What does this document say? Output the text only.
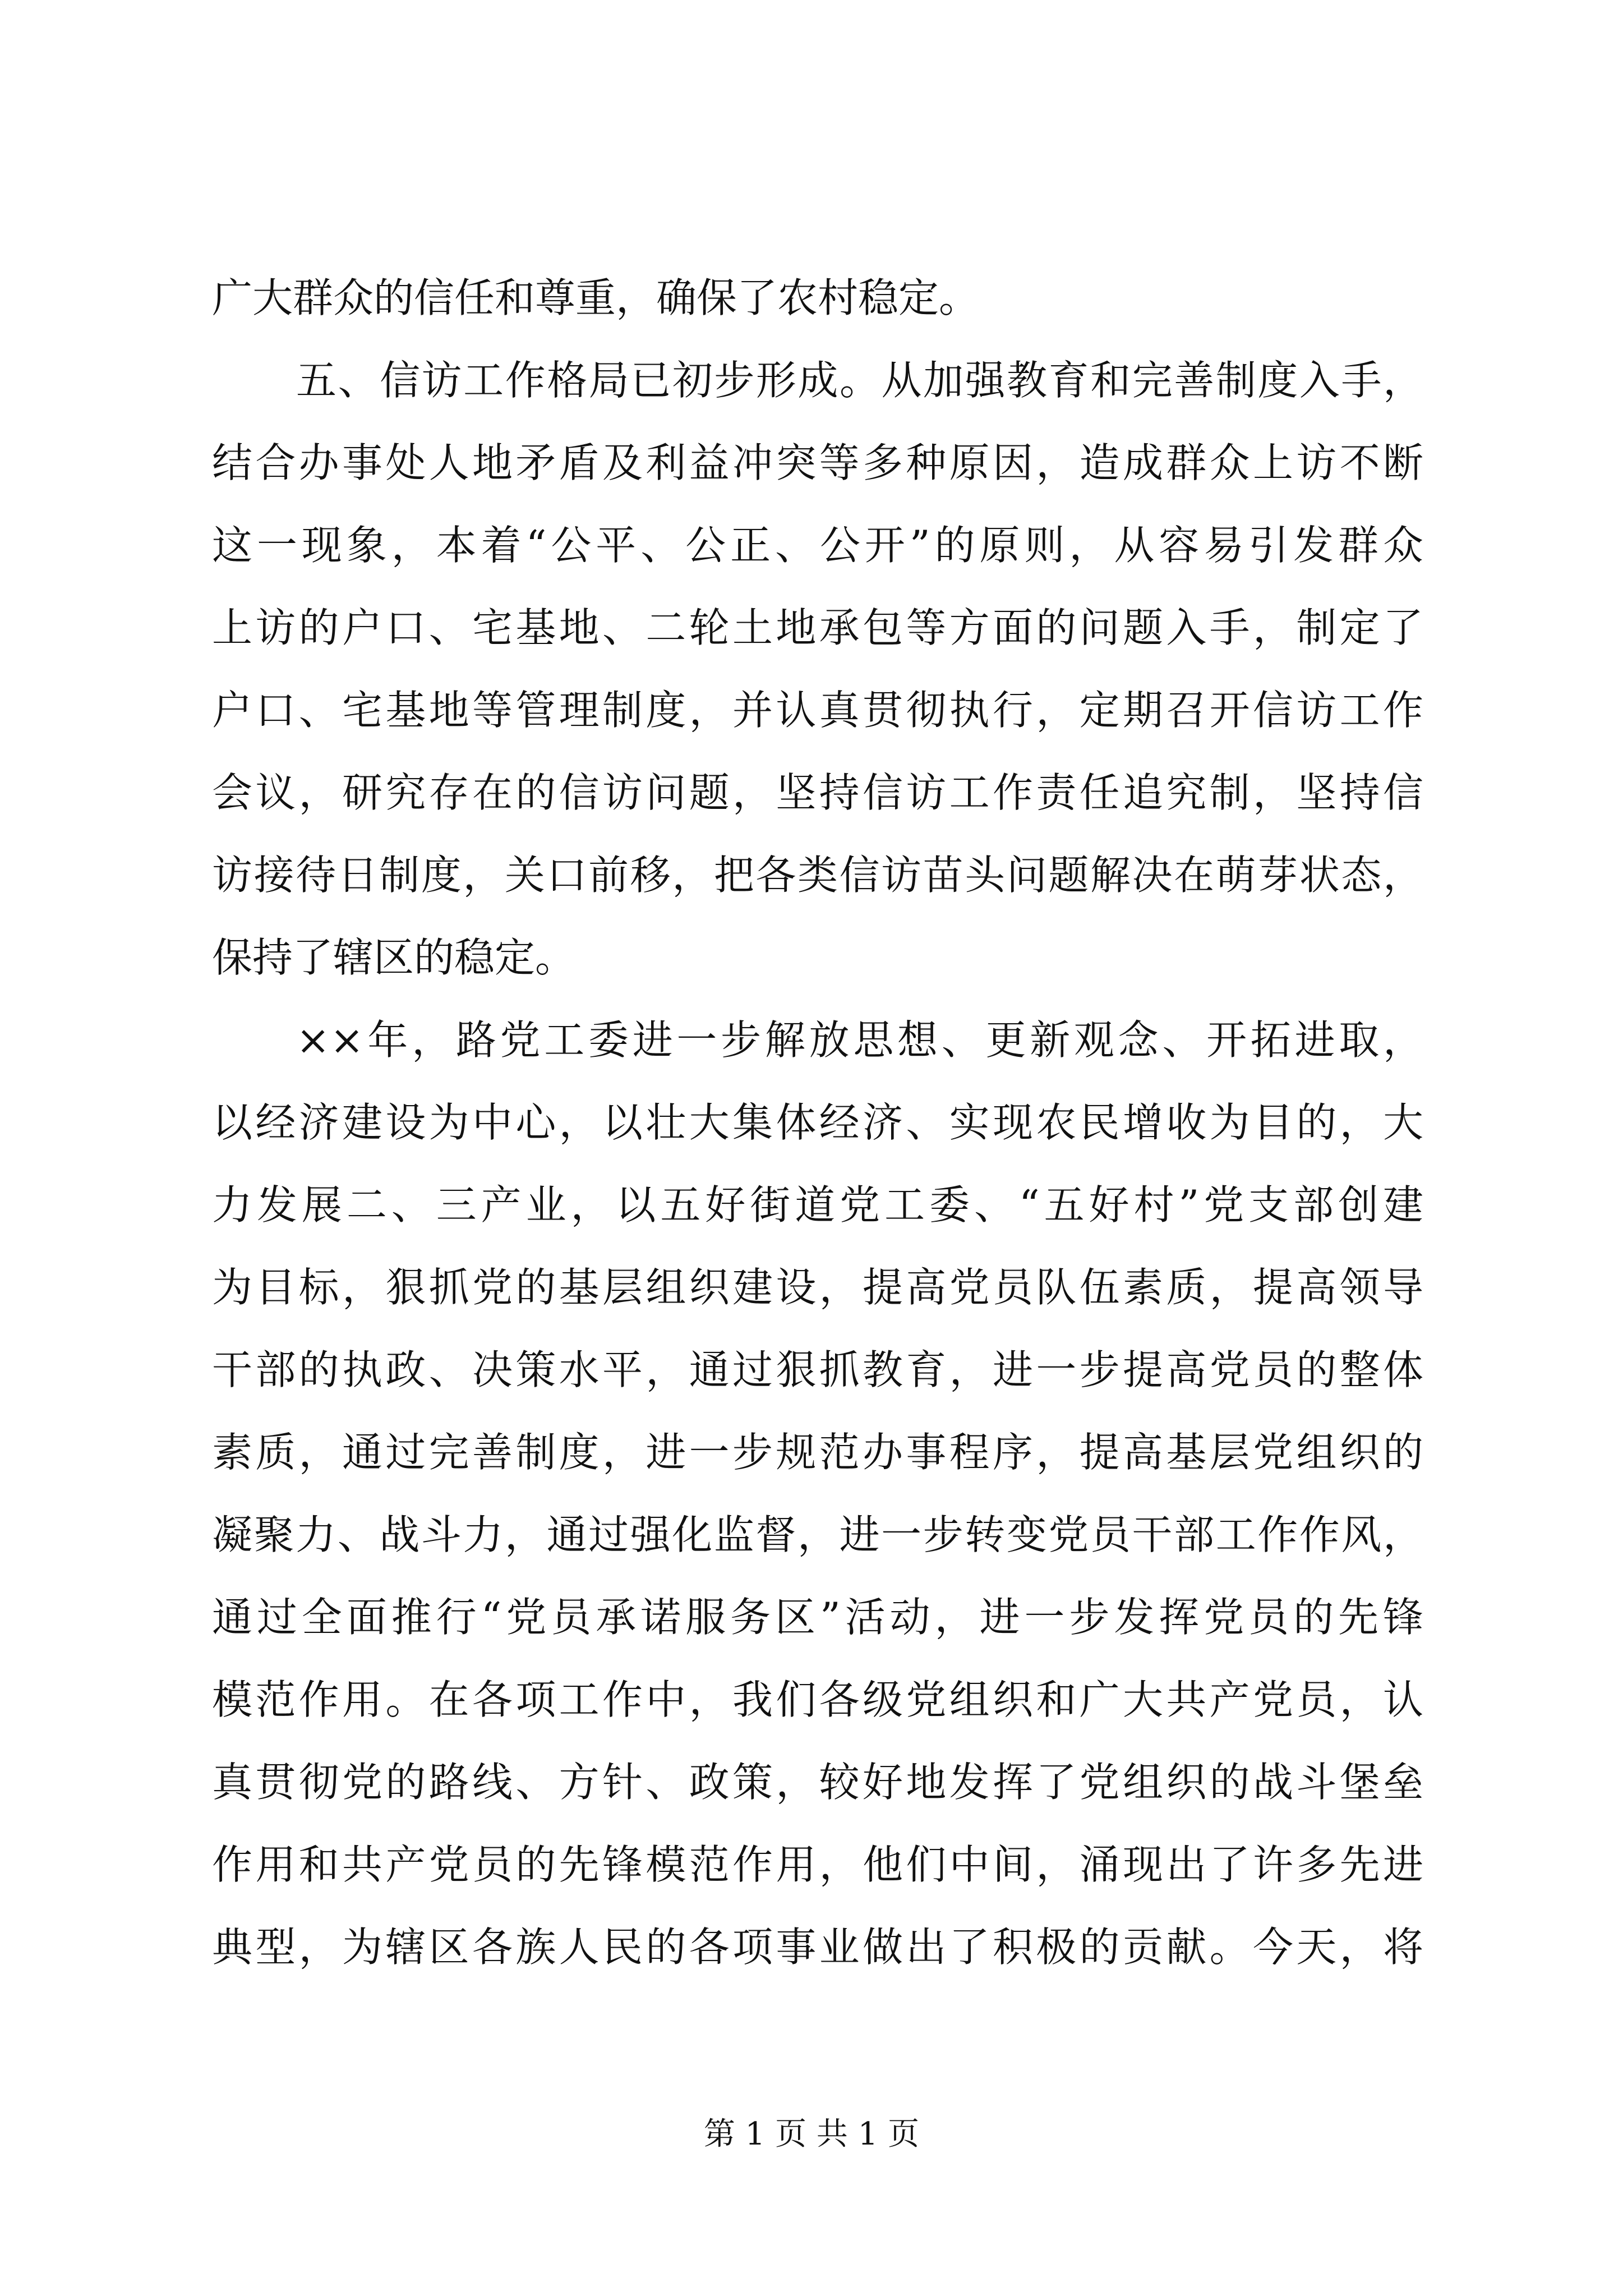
广大群众的信任和尊重，确保了农村稳定。
五、信访工作格局已初步形成。从加强教育和完善制度入手，
结合办事处人地矛盾及利益冲突等多种原因，造成群众上访不断
这一现象，本着“公平、公正、公开”的原则，从容易引发群众
上访的户口、宅基地、二轮土地承包等方面的问题入手，制定了
户口、宅基地等管理制度，并认真贯彻执行，定期召开信访工作
会议，研究存在的信访问题，坚持信访工作责任追究制，坚持信
访接待日制度，关口前移，把各类信访苗头问题解决在萌芽状态，
保持了辖区的稳定。
××年，路党工委进一步解放思想、更新观念、开拓进取，
以经济建设为中心，以壮大集体经济、实现农民增收为目的，大
力发展二、三产业，以五好街道党工委、“五好村”党支部创建
为目标，狠抓党的基层组织建设，提高党员队伍素质，提高领导
干部的执政、决策水平，通过狠抓教育，进一步提高党员的整体
素质，通过完善制度，进一步规范办事程序，提高基层党组织的
凝聚力、战斗力，通过强化监督，进一步转变党员干部工作作风，
通过全面推行“党员承诺服务区”活动，进一步发挥党员的先锋
模范作用。在各项工作中，我们各级党组织和广大共产党员，认
真贯彻党的路线、方针、政策，较好地发挥了党组织的战斗堡垒
作用和共产党员的先锋模范作用，他们中间，涌现出了许多先进
典型，为辖区各族人民的各项事业做出了积极的贡献。今天，将
第 1 页 共 1 页
